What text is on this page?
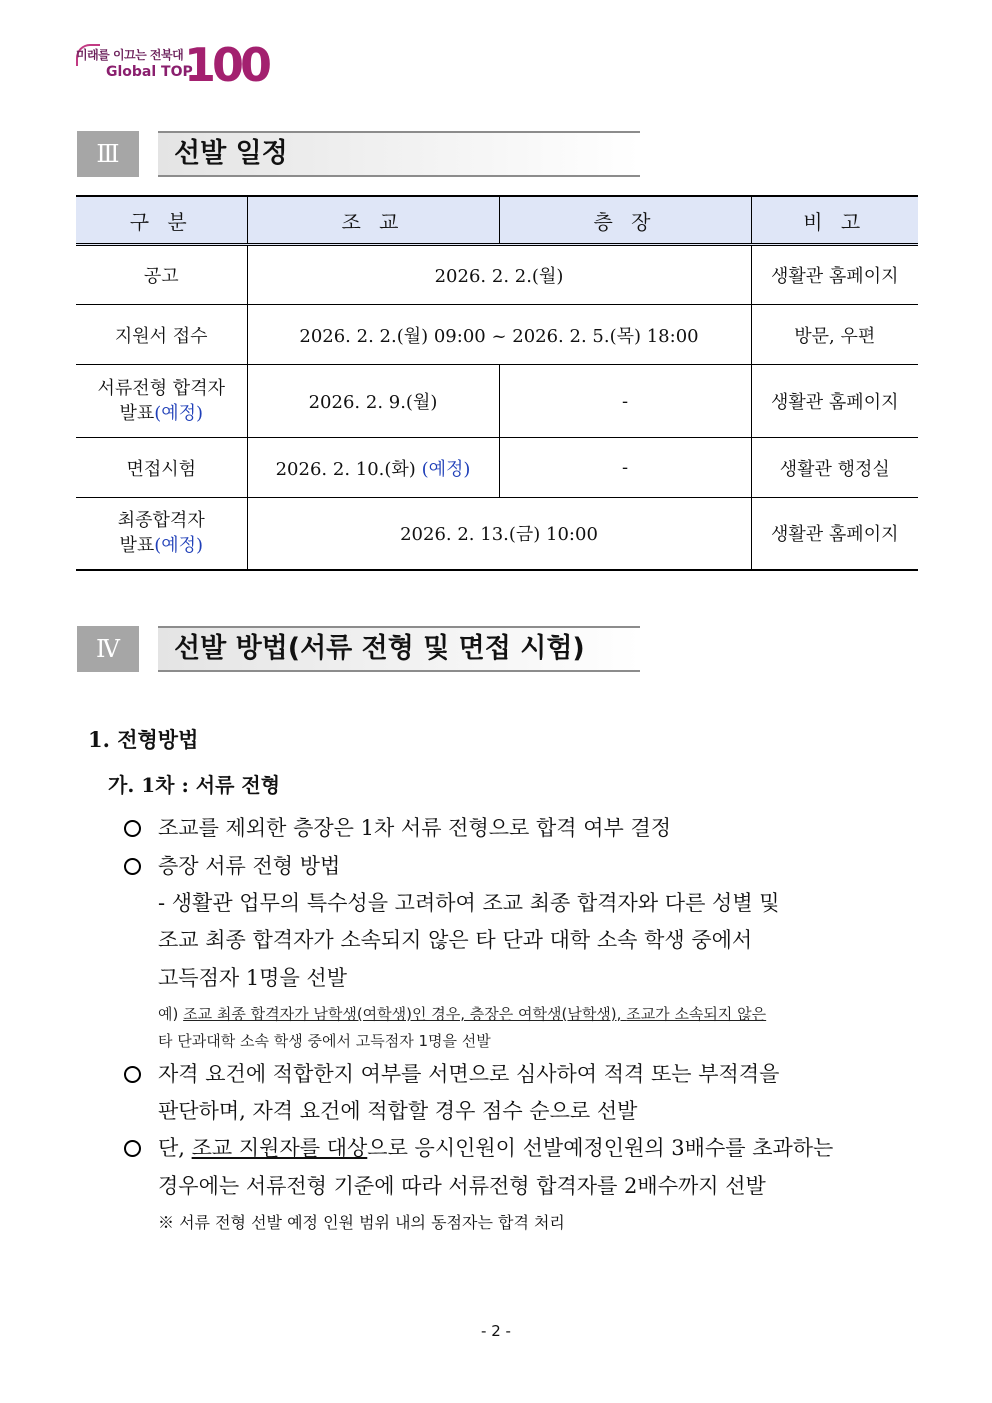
미래를 이끄는 전북대
Global TOP
100
Ⅲ	선발 일정
구 분	조 교	층 장	비 고
공고	2026. 2. 2.(월)		생활관 홈페이지
지원서 접수	2026. 2. 2.(월) 09:00 ~ 2026. 2. 5.(목) 18:00		방문, 우편
서류전형 합격자
발표(예정)	2026. 2. 9.(월)	-	생활관 홈페이지
면접시험	2026. 2. 10.(화) (예정)	-	생활관 행정실
최종합격자
발표(예정)	2026. 2. 13.(금) 10:00		생활관 홈페이지
Ⅳ	선발 방법(서류 전형 및 면접 시험)
1. 전형방법
가. 1차 : 서류 전형
조교를 제외한 층장은 1차 서류 전형으로 합격 여부 결정
층장 서류 전형 방법
- 생활관 업무의 특수성을 고려하여 조교 최종 합격자와 다른 성별 및
조교 최종 합격자가 소속되지 않은 타 단과 대학 소속 학생 중에서
고득점자 1명을 선발
예) 조교 최종 합격자가 남학생(여학생)인 경우, 층장은 여학생(남학생), 조교가 소속되지 않은
타 단과대학 소속 학생 중에서 고득점자 1명을 선발
자격 요건에 적합한지 여부를 서면으로 심사하여 적격 또는 부적격을
판단하며, 자격 요건에 적합할 경우 점수 순으로 선발
단, 조교 지원자를 대상으로 응시인원이 선발예정인원의 3배수를 초과하는
경우에는 서류전형 기준에 따라 서류전형 합격자를 2배수까지 선발
※ 서류 전형 선발 예정 인원 범위 내의 동점자는 합격 처리
- 2 -
